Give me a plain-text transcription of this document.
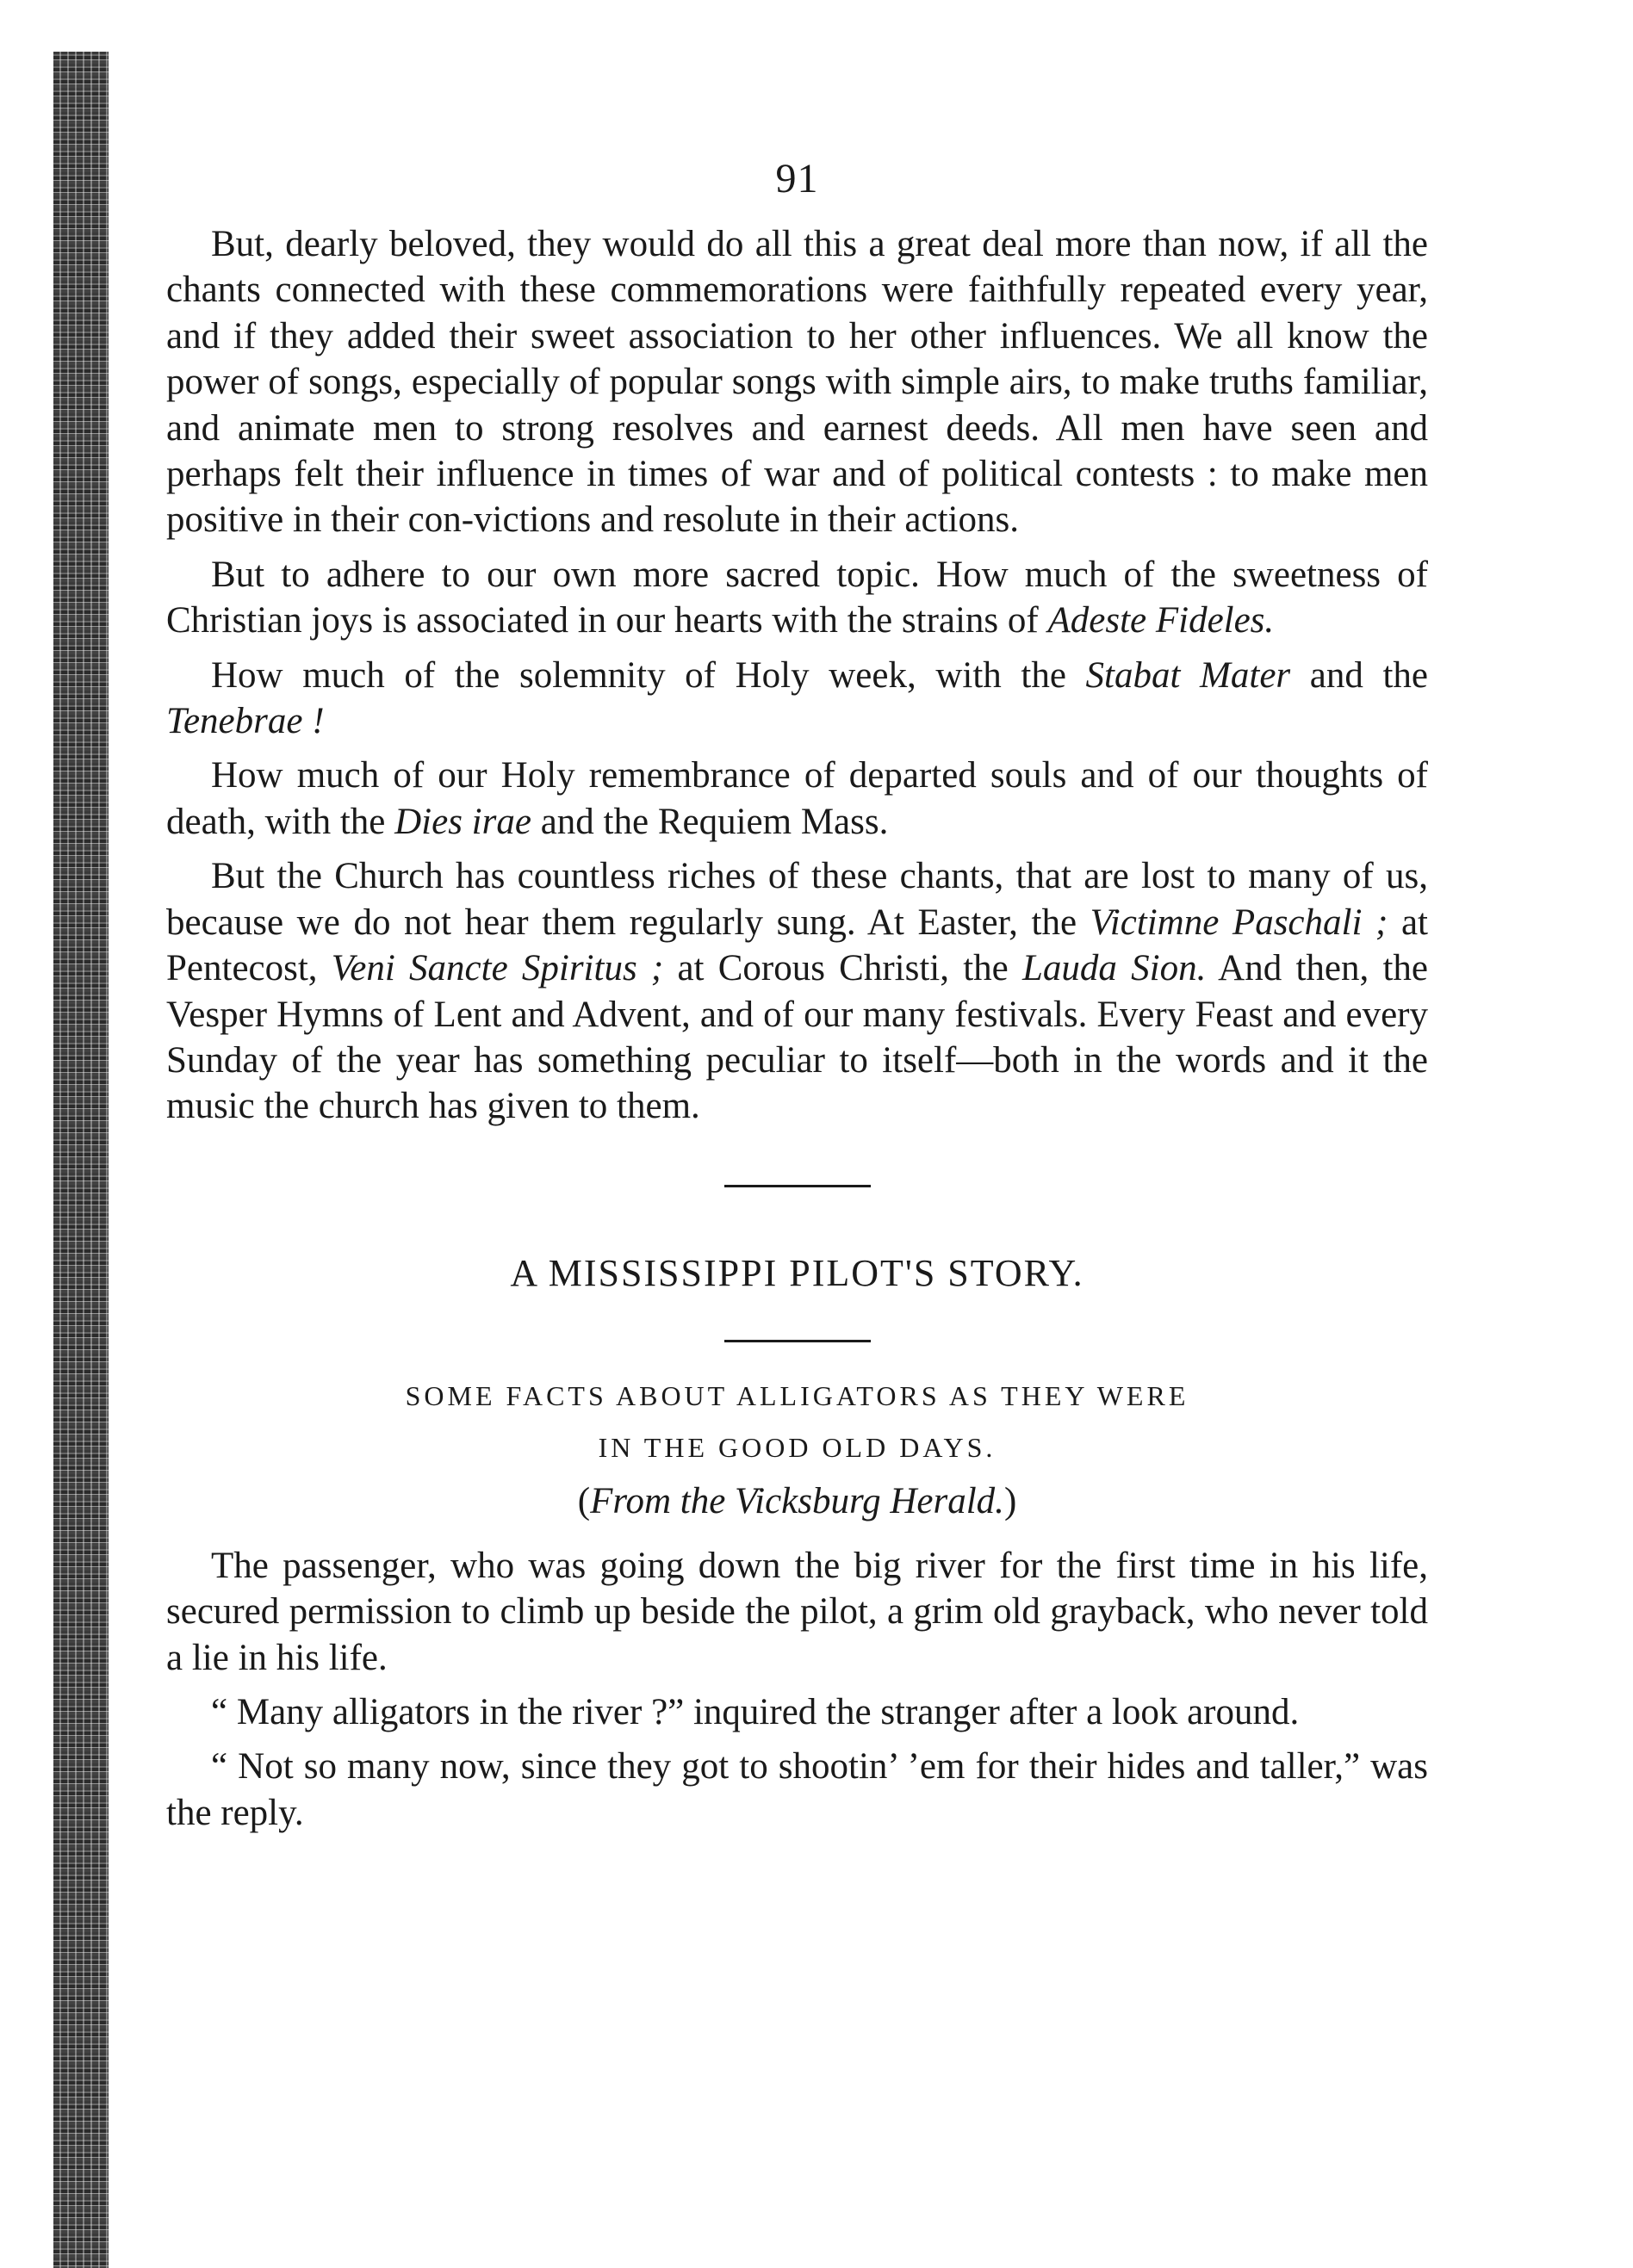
91

But, dearly beloved, they would do all this a great deal more than now, if all the chants connected with these commemorations were faithfully repeated every year, and if they added their sweet association to her other influences. We all know the power of songs, especially of popular songs with simple airs, to make truths familiar, and animate men to strong resolves and earnest deeds. All men have seen and perhaps felt their influence in times of war and of political contests : to make men positive in their con-victions and resolute in their actions.

But to adhere to our own more sacred topic. How much of the sweetness of Christian joys is associated in our hearts with the strains of Adeste Fideles.

How much of the solemnity of Holy week, with the Stabat Mater and the Tenebrae !

How much of our Holy remembrance of departed souls and of our thoughts of death, with the Dies irae and the Requiem Mass.

But the Church has countless riches of these chants, that are lost to many of us, because we do not hear them regularly sung. At Easter, the Victimne Paschali ; at Pentecost, Veni Sancte Spiritus ; at Corous Christi, the Lauda Sion. And then, the Vesper Hymns of Lent and Advent, and of our many festivals. Every Feast and every Sunday of the year has something peculiar to itself—both in the words and it the music the church has given to them.

A MISSISSIPPI PILOT'S STORY.
SOME FACTS ABOUT ALLIGATORS AS THEY WERE
IN THE GOOD OLD DAYS.
(From the Vicksburg Herald.)

The passenger, who was going down the big river for the first time in his life, secured permission to climb up beside the pilot, a grim old grayback, who never told a lie in his life.

“ Many alligators in the river ?” inquired the stranger after a look around.

“ Not so many now, since they got to shootin’ ’em for their hides and taller,” was the reply.
